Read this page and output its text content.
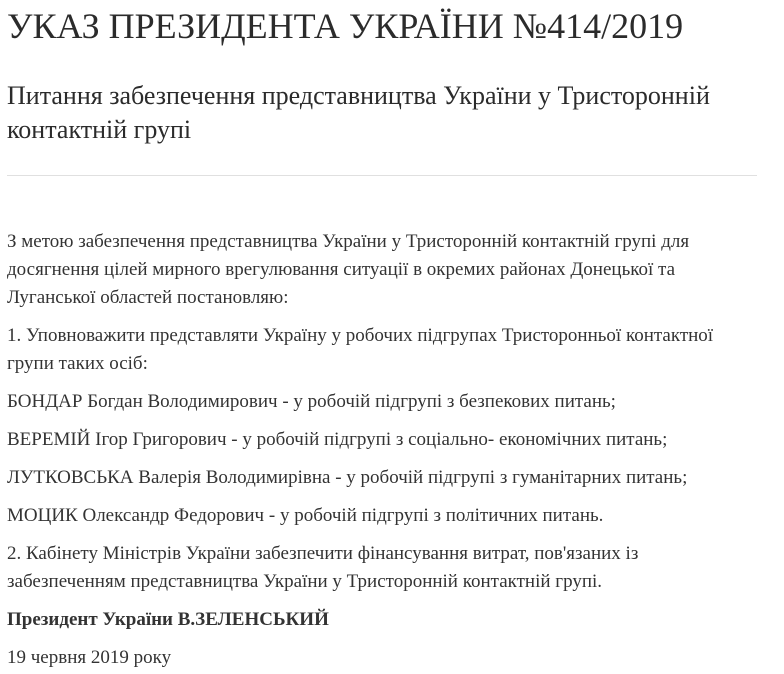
УКАЗ ПРЕЗИДЕНТА УКРАЇНИ №414/2019
Питання забезпечення представництва України у Тристоронній контактній групі

З метою забезпечення представництва України у Тристоронній контактній групі для досягнення цілей мирного врегулювання ситуації в окремих районах Донецької та Луганської областей постановляю:

1. Уповноважити представляти Україну у робочих підгрупах Тристоронньої контактної групи таких осіб:

БОНДАР Богдан Володимирович - у робочій підгрупі з безпекових питань;

ВЕРЕМІЙ Ігор Григорович - у робочій підгрупі з соціально- економічних питань;

ЛУТКОВСЬКА Валерія Володимирівна - у робочій підгрупі з гуманітарних питань;

МОЦИК Олександр Федорович - у робочій підгрупі з політичних питань.

2. Кабінету Міністрів України забезпечити фінансування витрат, пов'язаних із забезпеченням представництва України у Тристоронній контактній групі.

Президент України В.ЗЕЛЕНСЬКИЙ

19 червня 2019 року
